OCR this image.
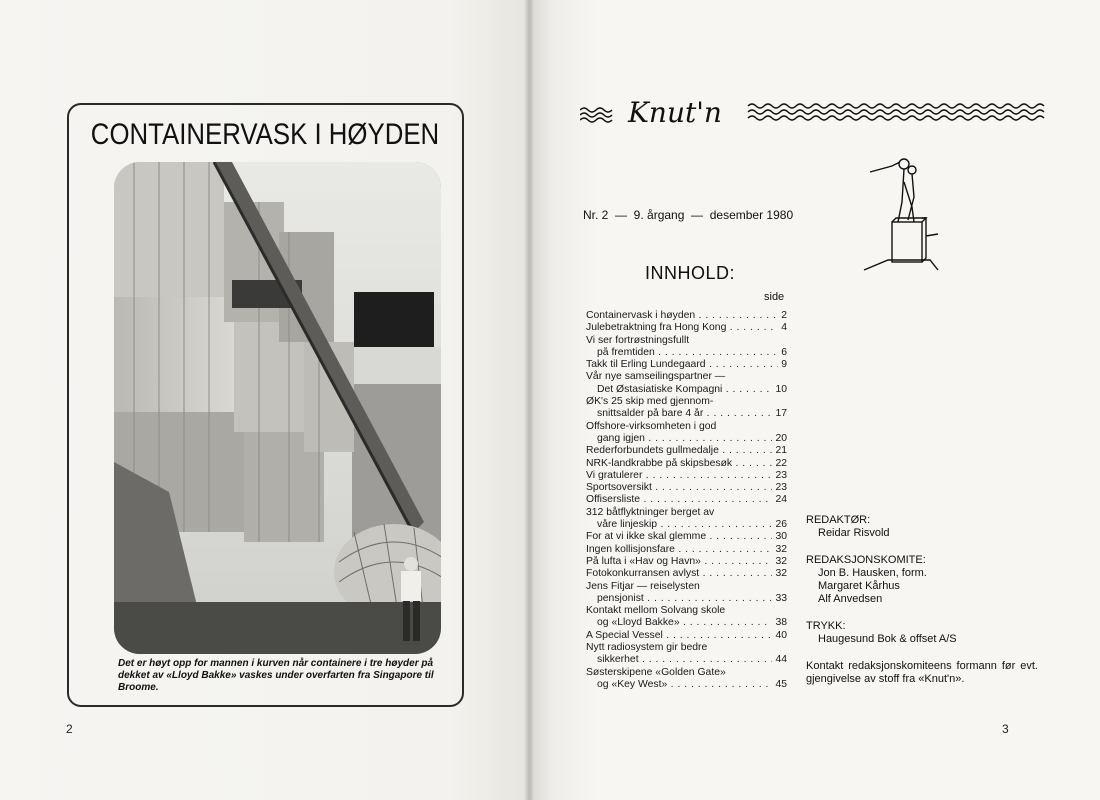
CONTAINERVASK I HØYDEN
Det er høyt opp for mannen i kurven når containere i tre høyder på dekket av «Lloyd Bakke» vaskes under overfarten fra Singapore til Broome.
2
Knut'n
Nr. 2  —  9. årgang  —  desember 1980
INNHOLD:
side
Containervask i høyden . . .	2
Julebetraktning fra Hong Kong . . .	4
Vi ser fortrøstningsfullt
på fremtiden . . .	6
Takk til Erling Lundegaard . . .	9
Vår nye samseilingspartner —
Det Østasiatiske Kompagni . . .	10
ØK's 25 skip med gjennom-
snittsalder på bare 4 år . . .	17
Offshore-virksomheten i god
gang igjen . . .	20
Rederforbundets gullmedalje . . .	21
NRK-landkrabbe på skipsbesøk . . .	22
Vi gratulerer . . .	23
Sportsoversikt . . .	23
Offisersliste . . .	24
312 båtflyktninger berget av
våre linjeskip . . .	26
For at vi ikke skal glemme . . .	30
Ingen kollisjonsfare . . .	32
På lufta i «Hav og Havn» . . .	32
Fotokonkurransen avlyst . . .	32
Jens Fitjar — reiselysten
pensjonist . . .	33
Kontakt mellom Solvang skole
og «Lloyd Bakke» . . .	38
A Special Vessel . . .	40
Nytt radiosystem gir bedre
sikkerhet . . .	44
Søsterskipene «Golden Gate»
og «Key West» . . .	45
REDAKTØR:
Reidar Risvold
REDAKSJONSKOMITE:
Jon B. Hausken, form.
Margaret Kårhus
Alf Anvedsen
TRYKK:
Haugesund Bok & offset A/S
Kontakt redaksjonskomiteens formann før evt. gjengivelse av stoff fra «Knut'n».
3
